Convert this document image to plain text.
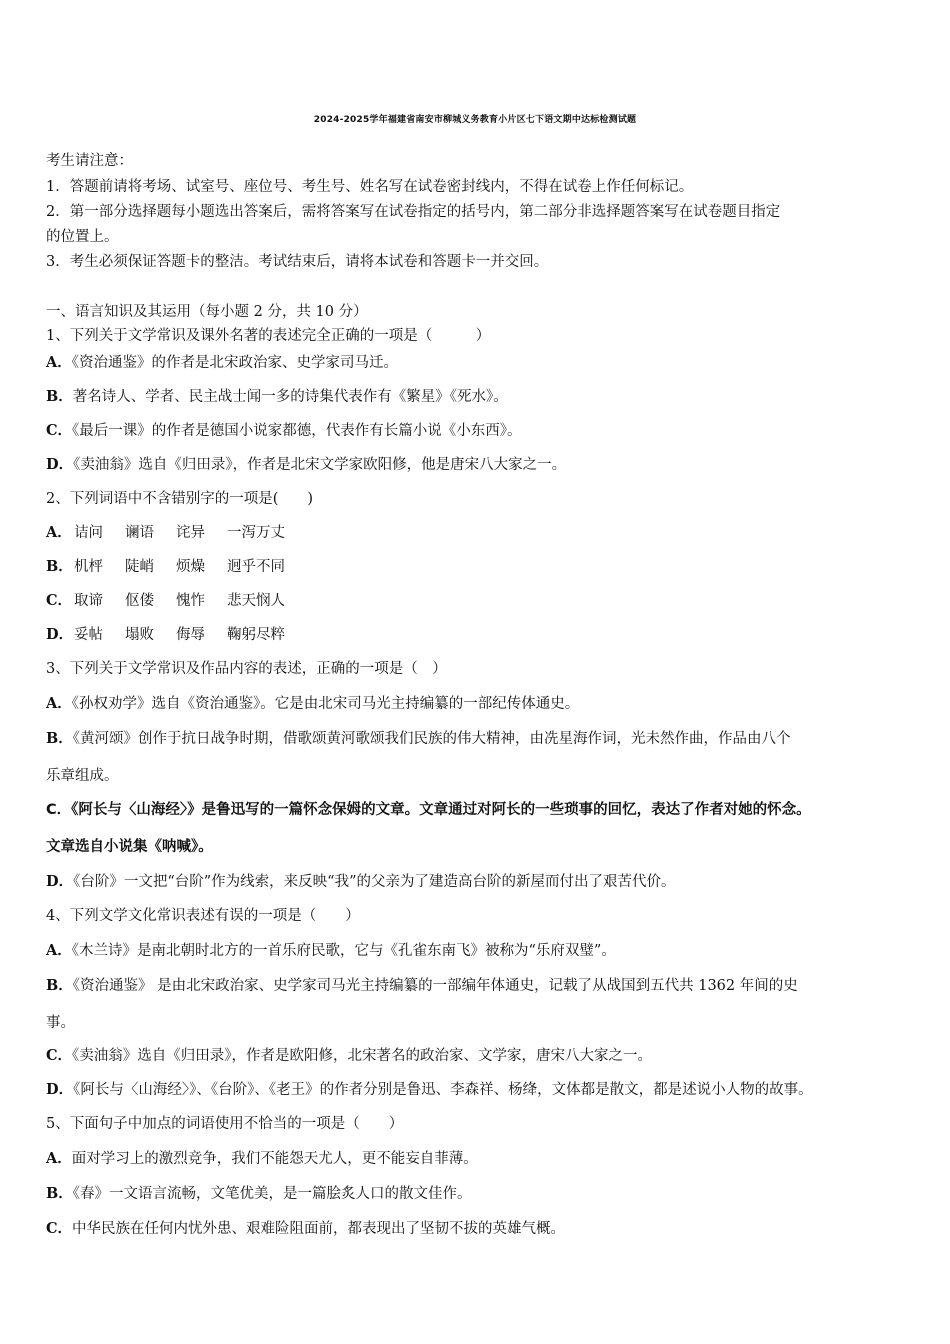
2024-2025学年福建省南安市柳城义务教育小片区七下语文期中达标检测试题
考生请注意：
1．答题前请将考场、试室号、座位号、考生号、姓名写在试卷密封线内，不得在试卷上作任何标记。
2．第一部分选择题每小题选出答案后，需将答案写在试卷指定的括号内，第二部分非选择题答案写在试卷题目指定
的位置上。
3．考生必须保证答题卡的整洁。考试结束后，请将本试卷和答题卡一并交回。
一、语言知识及其运用（每小题 2 分，共 10 分）
1、下列关于文学常识及课外名著的表述完全正确的一项是（　　　）
A．《资治通鉴》的作者是北宋政治家、史学家司马迁。
B．著名诗人、学者、民主战士闻一多的诗集代表作有《繁星》《死水》。
C．《最后一课》的作者是德国小说家都德，代表作有长篇小说《小东西》。
D．《卖油翁》选自《归田录》，作者是北宋文学家欧阳修，他是唐宋八大家之一。
2、下列词语中不含错别字的一项是(　　)
A． 诘问 谰语 诧异 一泻万丈
B．机枰 陡峭 烦燥 迥乎不同
C． 取谛 伛偻 愧怍 悲天悯人
D．妥帖 塌败 侮辱 鞠躬尽粹
3、下列关于文学常识及作品内容的表述，正确的一项是（　）
A．《孙权劝学》选自《资治通鉴》。它是由北宋司马光主持编纂的一部纪传体通史。
B．《黄河颂》创作于抗日战争时期，借歌颂黄河歌颂我们民族的伟大精神，由冼星海作词，光未然作曲，作品由八个
乐章组成。
C．《阿长与〈山海经〉》是鲁迅写的一篇怀念保姆的文章。文章通过对阿长的一些琐事的回忆，表达了作者对她的怀念。
文章选自小说集《呐喊》。
D．《台阶》一文把“台阶”作为线索，来反映“我”的父亲为了建造高台阶的新屋而付出了艰苦代价。
4、下列文学文化常识表述有误的一项是（　　）
A．《木兰诗》是南北朝时北方的一首乐府民歌，它与《孔雀东南飞》被称为“乐府双璧”。
B．《资治通鉴》 是由北宋政治家、史学家司马光主持编纂的一部编年体通史，记载了从战国到五代共 1362 年间的史
事。
C．《卖油翁》选自《归田录》，作者是欧阳修，北宋著名的政治家、文学家，唐宋八大家之一。
D．《阿长与〈山海经〉》、《台阶》、《老王》的作者分别是鲁迅、李森祥、杨绛，文体都是散文，都是述说小人物的故事。
5、下面句子中加点的词语使用不恰当的一项是（　　）
A．面对学习上的激烈竞争，我们不能怨天尤人，更不能妄自菲薄。
B．《春》一文语言流畅，文笔优美，是一篇脍炙人口的散文佳作。
C．中华民族在任何内忧外患、艰难险阻面前，都表现出了坚韧不拔的英雄气概。
